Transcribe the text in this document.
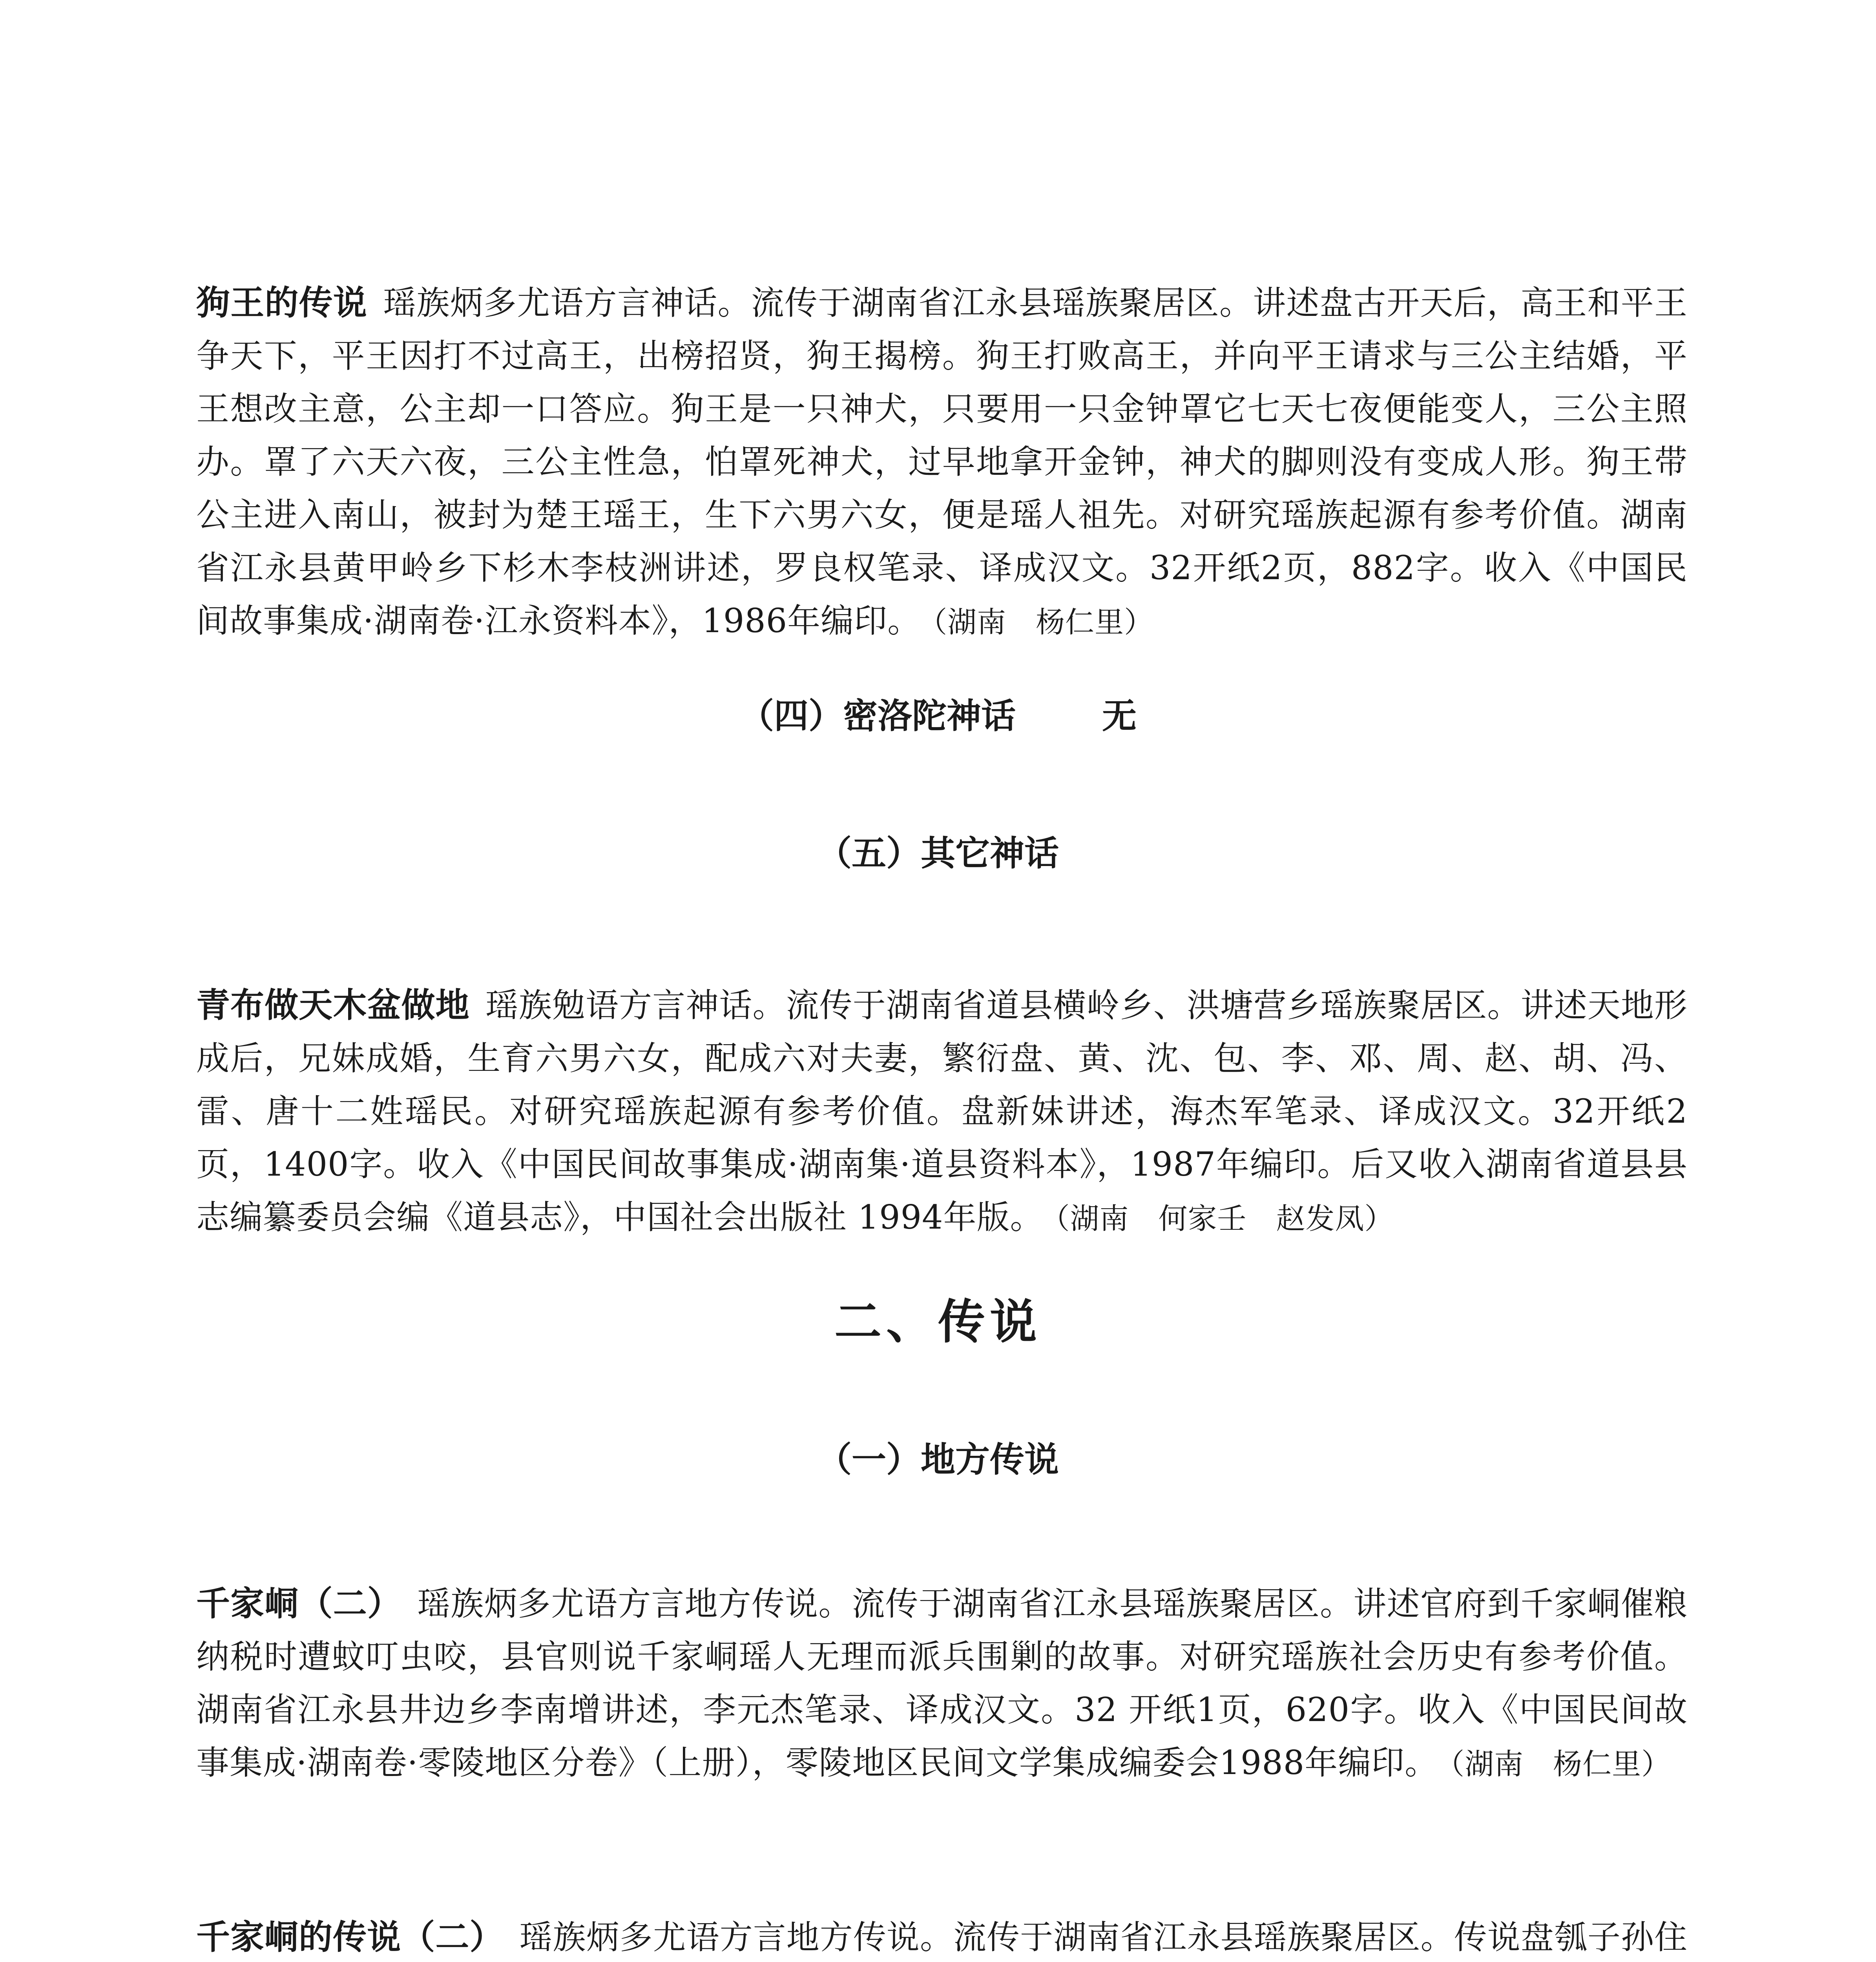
狗王的传说 瑶族炳多尤语方言神话。流传于湖南省江永县瑶族聚居区。讲述盘古开天后，高王和平王争天下，平王因打不过高王，出榜招贤，狗王揭榜。狗王打败高王，并向平王请求与三公主结婚，平王想改主意，公主却一口答应。狗王是一只神犬，只要用一只金钟罩它七天七夜便能变人，三公主照办。罩了六天六夜，三公主性急，怕罩死神犬，过早地拿开金钟，神犬的脚则没有变成人形。狗王带公主进入南山，被封为楚王瑶王，生下六男六女，便是瑶人祖先。对研究瑶族起源有参考价值。湖南省江永县黄甲岭乡下杉木李枝洲讲述，罗良权笔录、译成汉文。32开纸2页，882字。收入《中国民间故事集成·湖南卷·江永资料本》，1986年编印。 （湖南　杨仁里）
（四）密洛陀神话	无
（五）其它神话
青布做天木盆做地 瑶族勉语方言神话。流传于湖南省道县横岭乡、洪塘营乡瑶族聚居区。讲述天地形成后，兄妹成婚，生育六男六女，配成六对夫妻，繁衍盘、黄、沈、包、李、邓、周、赵、胡、冯、雷、唐十二姓瑶民。对研究瑶族起源有参考价值。盘新妹讲述，海杰军笔录、译成汉文。32开纸2 页，1400字。收入《中国民间故事集成·湖南集·道县资料本》，1987年编印。后又收入湖南省道县县志编纂委员会编《道县志》，中国社会出版社 1994年版。 （湖南　何家壬　赵发凤）
二、传说
（一）地方传说
千家峒（二） 瑶族炳多尤语方言地方传说。流传于湖南省江永县瑶族聚居区。讲述官府到千家峒催粮纳税时遭蚊叮虫咬，县官则说千家峒瑶人无理而派兵围剿的故事。对研究瑶族社会历史有参考价值。湖南省江永县井边乡李南增讲述，李元杰笔录、译成汉文。32 开纸1页，620字。收入《中国民间故事集成·湖南卷·零陵地区分卷》（上册），零陵地区民间文学集成编委会1988年编印。 （湖南　杨仁里）
千家峒的传说（二） 瑶族炳多尤语方言地方传说。流传于湖南省江永县瑶族聚居区。传说盘瓠子孙住
